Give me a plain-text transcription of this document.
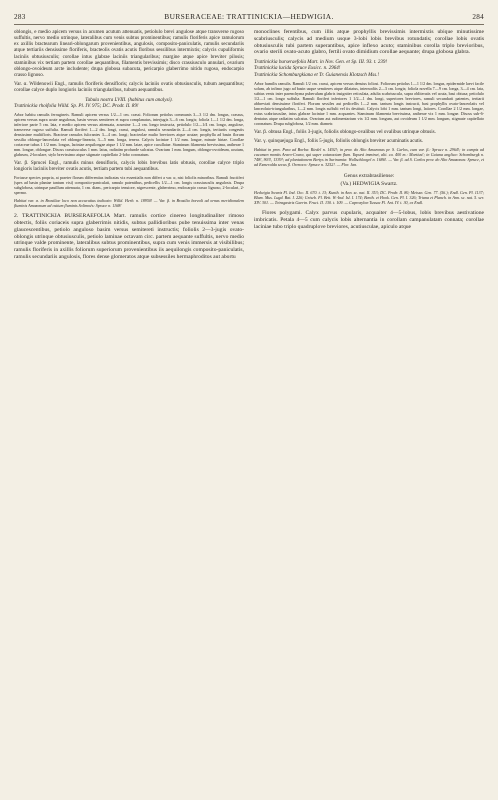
283	BURSERACEAE: TRATTINICKIA—HEDWIGIA.	284

oblongis, e medio apicem versus in acumen acutum attenuatis, petiolulo brevi angulose atque transverse rugoso suffultis, nervo medio utrinque, lateralibus cum venis subtus prominentibus; ramulis floriferis apice ramulorum ex axillis bractearum lineari-oblongarum provenientibus, angulosis, composito-paniculatis, ramulis secundariis atque tertiariis densissime floriferis, bracteolis ovatis acutis floribus sessilibus intermixtis; calycis cupuliformis laciniis obtusiusculis; corollae intus glabrae laciniis triangularibus; margine atque apice breviter pilosis; staminibus vix tertiam partem corollae aequantibus, filamentis brevissimis; disco crassiusculo annulari, ovarium oblongo-ovoideum arcte includente; drupa globosa subacuta, pericarpio glaberrimo nitido rugoso, endocarpio crasso lignoso.

Var. α. Wildenowii Engl., ramulis floriferis densifloris; calycis laciniis ovatis obtusiusculis, tubum aequantibus; corollae calyce duplo longioris laciniis triangularibus, tubum aequantibus.

Tabula nostra LVIII. (habitus cum analysi).

Trattinickia rhoifolia Willd. Sp. Pl. IV. 975; DC. Prodr. II. 89!

Arbor habitu ramulis ferrugineis. Ramuli apicem versus 1/2—1 cm. crassi. Foliorum petiolus communis 3—3 1/2 dm. longus, crassus, apicem versus supra acute angulosus, basin versus semiteres et supra complanatus, interjugis 3—6 cm. longis; foliola 1—1 1/2 dm. longa, inferiore parte 5 cm. lata, e medio apicem versus attenuata, acumine 1—2 cm. longo instructa, petiolulo 1/2—1/4 cm. longo, angulose, transverse rugoso suffulta. Ramuli floriferi 1—2 dm. longi, crassi, angulosi, ramulis secundariis 2—4 cm. longis, tertiariis congestis densissime multifloris. Bracteae ramulos fulcrantes 3—4 cm. longi; bracteolae multo breviores atque acutae; prophylla ad basin florum sessilia oblongo-lanceolata vel oblongo-linearia, 3—5 mm. longa, tenera. Calycis laciniae 1 1/2 mm. longae, minute hirtae. Corollae coriaceae tubus 1 1/2 mm. longus, laciniae aequilongae atque 1 1/2 mm. latae, apice cucullatae. Staminum filamenta brevissima, antherae 1 mm. longae, oblongae. Discus crassiusculus 1 mm. latus, radiatim profunde sulcatus. Ovarium 1 mm. longum, oblongo-ovoideum, acutum, glabrum, 2-loculare, stylo brevissimo atque stigmate capitellato 2-lobo coronatum.

Var. β. Spruceі Engl., ramulis minus densifloris, calycis lobis brevibus latis obtusis, corollae calyce triplo longioris laciniis breviter ovatis acutis, tertiam partem tubi aequantibus.

Fortasse species propria, at praeter florum differentias indicatas vix essentialis non differt a var. α, nisi foliolis minoribus. Ramuli fructiferi (spes ad basin plantae tantum visi) composito-paniculati, ramulo patentibus, pedicellis 1/2—1 cm. longis crassiusculis angulosis. Drupa subglobosa, utrinque pauillum attenuata, 1 cm. diam., pericarpio tenuiore, nigrescente, glaberrimo, endocarpio crasso lignoso, 2-loculari, 2-spermo.

Habitat var. α. in Brasiliae loco non accuratius indicato: Willd. Herb. n. 18950! — Var. β. in Brasilia boreali ad ornas meridionalem fluminis Amazonum ad ostium fluminis Solimoés: Spruce n. 1168!

2. TRATTINICKIA BURSERAEFOLIA Mart. ramulis cortice cinereo longitudinaliter rimoso obtectis, foliis coriaceis supra glaberrimis nitidis, subtus pallidioribus pube tenuissima inter venas glaucescentibus, petiolo anguloso basim versus semiteretі instructis; foliolis 2—3-jugis ovato-oblongis utrinque obtusiusculis, petiolo laminae octavam circ. partem aequante suffultis, nervo medio utrinque valde prominente, lateralibus subtus prominentibus, supra cum venis immersis at visibilibus; ramulis floriferis in axillis foliorum superiorum provenientibus iis aequilongis composito-paniculatis, ramulis secundariis angulosis, flores densе glomeratos atque subsessiles hermaphroditos aut abortu

monoclines ferentibus, cum illis atque prophyllis brevissimis intermixtis ubique minutissime scabriusculis; calycis ad medium usque 3-lobi lobis brevibus rotundatis; corollae lobis ovatis obtusiusculis tubi partem superantibus, apice inflexo acuto; staminibus corolla triplo brevioribus, ovario sterili ovato-acuto glabro, fertili ovato dimidium corollae aequante; drupa globosa glabra.

Trattinickia burseraefolia Mart. in Nov. Gen. et Sp. III. 93. t. 239!

Trattinickia lucida Spruce Exsicc. n. 2964!

Trattinickia Schomburgkiana et Tr. Guianensis Klotzsch Mss.!

Arbor humilis ramulis. Ramuli 1/2 cm. crassi, apicem versus densius foliosi. Foliorum petiolus 1—1 1/2 dm. longus, epidermide laevi facile solum, ab infimo jugo ad basin usque semiteres atque dilatatus, internodiis 2—3 cm. longis; foliola novella 7—9 cm. longa, 3—4 cm. lata, subtus venis inter parenchyma puberulum glabris insigniter reticulata, adulta scabriuscula, supra obliteratis vel acuta, basi obtusa; petiolulo 1/2—1 cm. longo suffulta. Ramuli floriferi inferiores 1 1/2—1 dm. longi, superiores breviores, ramuli secundarii patentes, tertiarii abbreviati densissime floriferi. Florum sessiles aut pedicellis 1—2 mm. tantum longis instructi, basi prophyllis ovato-lanceolatis vel lanceolato-triangularibus, 1—2 mm. longis suffulti vel iis destituti. Calycis lobi 1 mm. tantum longi, latiores. Corollae 2 1/2 mm. longae, extus scabriusculae, intus glabrae laciniae 1 mm. acquantes. Staminum filamenta brevissima, antherae vix 1 mm. longae. Discus sub-6-dentatus atque radiatim sulcatus. Ovarium aut rudimentarium vix 1/2 mm. longum, aut ovoideum 1 1/2 mm. longum, stigmate capitellato coronatum. Drupa subglobosa, 1/2 mm. diametr.

Var. β. obtusa Engl., foliis 3-jugis, foliolis oblongo-ovalibus vel ovalibus utrinque obtusis.

Var. γ. quinquejuga Engl., foliis 5-jugis, foliolis oblongis breviter acuminatis acutis.

Habitat in prov. Para ad Borba: Riedel n. 1492!; in prov. do Alto Amazonas pr. S. Carlos, cum var. β.: Spruce n. 2964!; in campis ad cacumen montis Araro-Coara, qui super cataractam flum. Yapurá imminet, alit. ca. 400 m.: Martius!; in Guiana anglica: Schomburgk n. 748!, 903!, 1339!; ad plantationem Bertys in Surinamia: Wullschlaegel n. 1686!. — Var. β. ad S. Carlos prov. do Alto Amazonas: Spruce, et ad Esmeralda secus fl. Orenoco: Spruce n. 3252!. — Flor. Jan.

Genus extrabrasiliense:

(Va.) HEDWIGIA Swartz.

Hedwigia Swartz Fl. Ind. Occ. II. 670. t. 13; Kunth. in Ann. sc. nat. II. 353; DC. Prodr. II. 80; Meissn. Gen. 77. (56.); Endl. Gen. Pl. 1137; Blum. Mus. Lugd. Bat. I. 226; Griseb. Fl. Brit. W.-Ind. Isl. I. 174; Benth. et Hook. Gen. Pl. I. 326; Triana et Planch. in Ann. sc. nat. 5. ser. XIV. 301. — Tetragastris Gaertn. Fruct. II. 130. t. 109. — Caproxylon Tussac Fl. Ant. IV. t. 30, ex Endl.

Flores polygami. Calyx parvus cupularis, acquaiter 4—5-lobus, lobis brevibus aestivatione imbricatis. Petala 4—5 cum calycis lobis alternantia in corollam campanulatam connata; corollae laciniae tubo triplo quadruplove breviores, acutiusculae, apiculo atque
